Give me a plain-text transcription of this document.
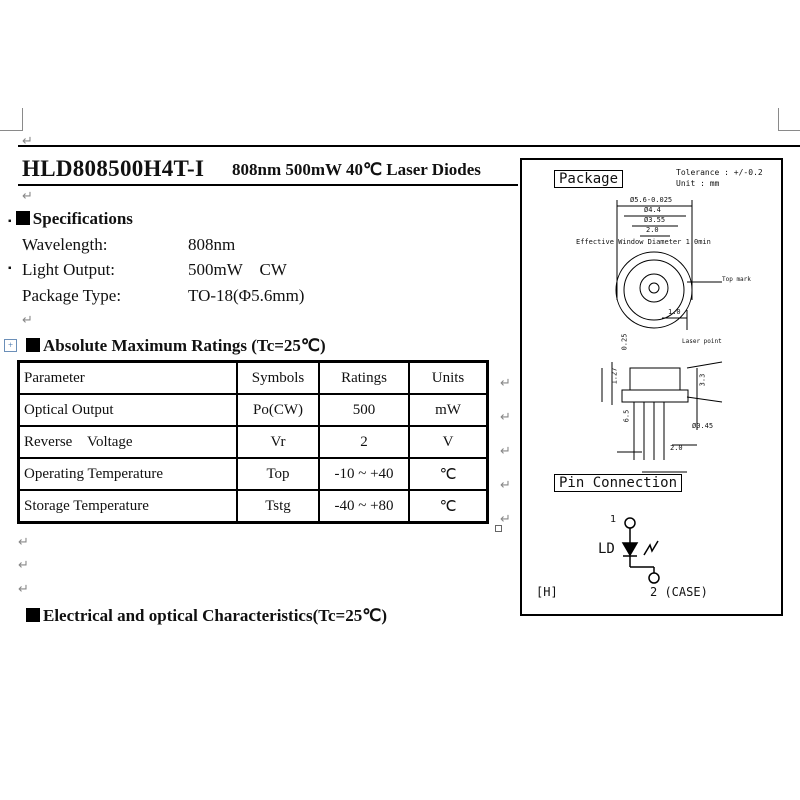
↵
HLD808500H4T-I 808nm 500mW 40℃ Laser Diodes
↵
▪ Specifications
Wavelength:	808nm
▪ Light Output:	500mW    CW
Package Type:	TO-18(Φ5.6mm)
↵
+	Absolute Maximum Ratings (Tc=25℃)
Parameter	Symbols	Ratings	Units
Optical Output	Po(CW)	500	mW
Reverse    Voltage	Vr	2	V
Operating Temperature	Top	-10 ~ +40	℃
Storage Temperature	Tstg	-40 ~ +80	℃
↵
↵
↵
Electrical and optical Characteristics(Tc=25℃)
Package	Tolerance : +/-0.2
Unit : mm
Ø5.6-0.025
Ø4.4
Ø3.55
2.0
Effective Window Diameter 1.0min
Top mark
Laser point
0.25
1.27	3.3
6.5
1.0
Ø0.45
2.0
Pin Connection
1
LD
2 (CASE)
[H]
↵
↵
↵
↵
↵
